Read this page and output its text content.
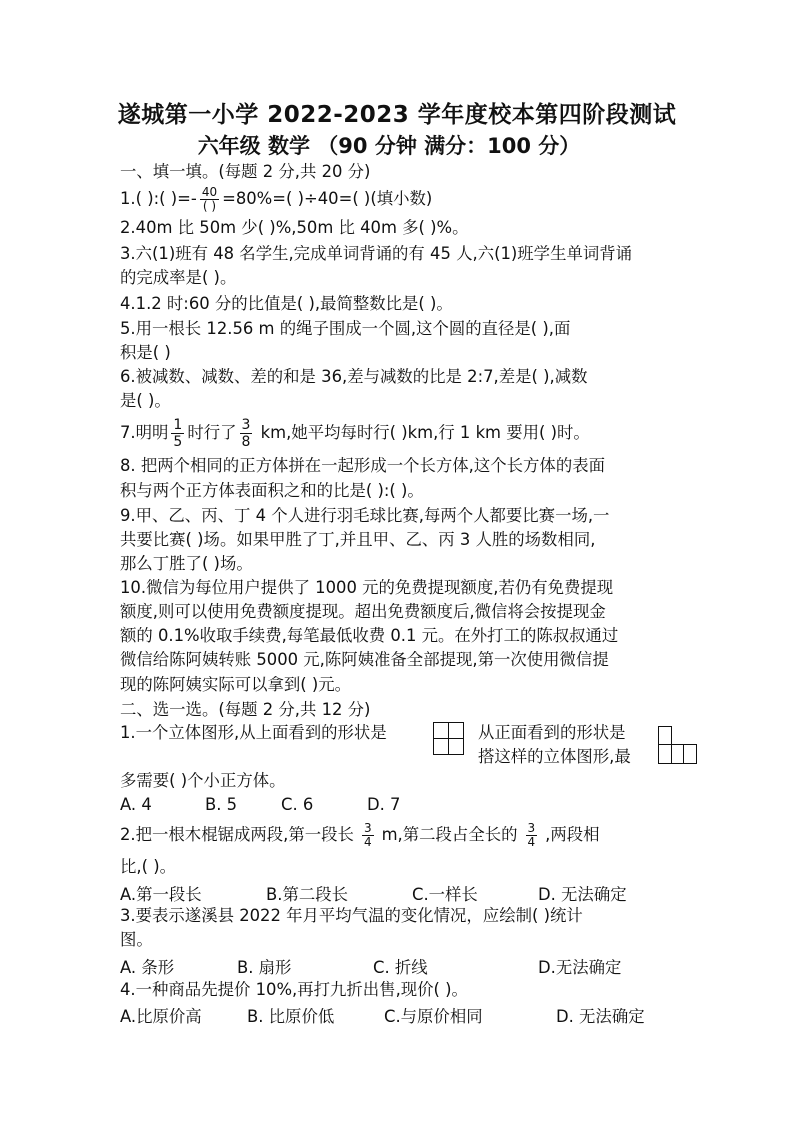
遂城第一小学 2022-2023 学年度校本第四阶段测试
六年级 数学 （90 分钟 满分：100 分）
一、填一填。(每题 2 分,共 20 分)
1.( ):( )=- $\frac{40}{( )} =80\%=$( )÷40=( )(填小数)
2.40m 比 50m 少( )%,50m 比 40m 多( )%。
3.六(1)班有 48 名学生,完成单词背诵的有 45 人,六(1)班学生单词背诵
的完成率是( )。
4.1.2 时:60 分的比值是( ),最简整数比是( )。
5.用一根长 12.56 m 的绳子围成一个圆,这个圆的直径是( ),面
积是( )
6.被减数、减数、差的和是 36,差与减数的比是 2:7,差是( ),减数
是( )。
7.明明 $\frac{1}{5}$ 时行了 $\frac{3}{8}$ km,她平均每时行( )km,行 1 km 要用( )时。
8. 把两个相同的正方体拼在一起形成一个长方体,这个长方体的表面
积与两个正方体表面积之和的比是( ):( )。
9.甲、乙、丙、丁 4 个人进行羽毛球比赛,每两个人都要比赛一场,一
共要比赛( )场。如果甲胜了丁,并且甲、乙、丙 3 人胜的场数相同,
那么丁胜了( )场。
10.微信为每位用户提供了 1000 元的免费提现额度,若仍有免费提现
额度,则可以使用免费额度提现。超出免费额度后,微信将会按提现金
额的 0.1%收取手续费,每笔最低收费 0.1 元。在外打工的陈叔叔通过
微信给陈阿姨转账 5000 元,陈阿姨准备全部提现,第一次使用微信提
现的陈阿姨实际可以拿到( )元。
二、选一选。(每题 2 分,共 12 分)
1.一个立体图形,从上面看到的形状是	从正面看到的形状是
搭这样的立体图形,最
多需要( )个小正方体。
A. 4	B. 5	C. 6	D. 7
2.把一根木棍锯成两段,第一段长 $\frac{3}{4} m$,第二段占全长的 $\frac{3}{4}$ ,两段相
比,( )。
A.第一段长	B.第二段长	C.一样长	D. 无法确定
3.要表示遂溪县 2022 年月平均气温的变化情况，应绘制( )统计
图。
A. 条形	B. 扇形	C. 折线	D.无法确定
4.一种商品先提价 10%,再打九折出售,现价( )。
A.比原价高	B. 比原价低	C.与原价相同	D. 无法确定
